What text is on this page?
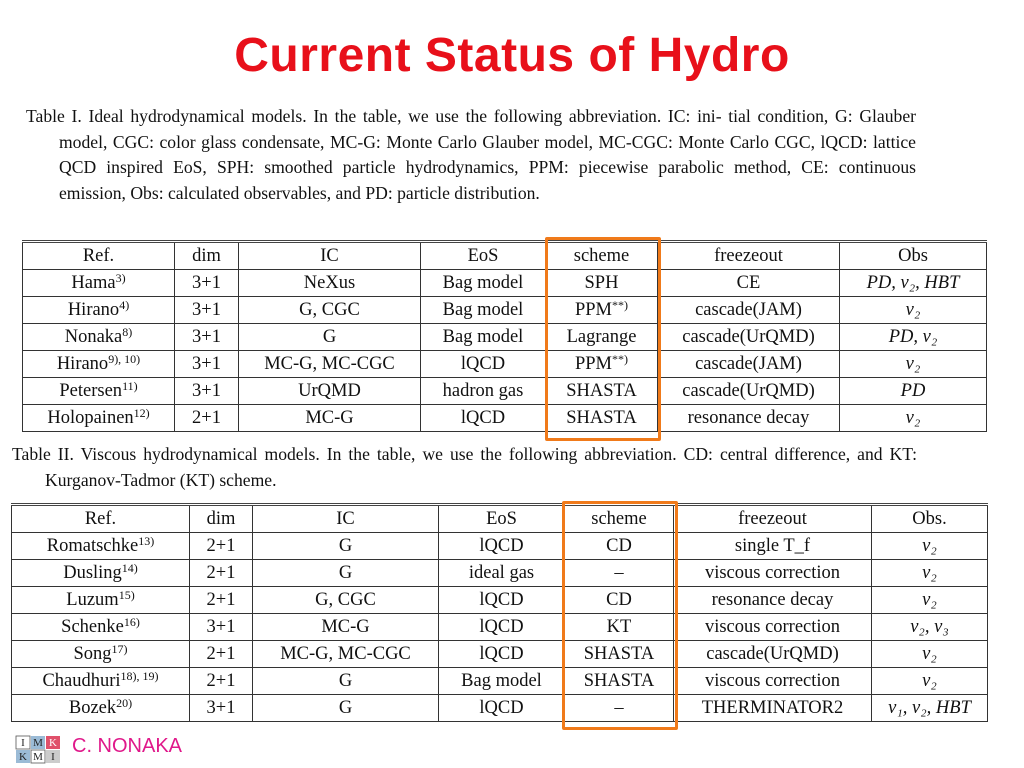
Current Status of Hydro

Table I. Ideal hydrodynamical models. In the table, we use the following abbreviation. IC: ini- tial condition, G: Glauber model, CGC: color glass condensate, MC-G: Monte Carlo Glauber model, MC-CGC: Monte Carlo CGC, lQCD: lattice QCD inspired EoS, SPH: smoothed particle hydrodynamics, PPM: piecewise parabolic method, CE: continuous emission, Obs: calculated observables, and PD: particle distribution.

Ref.	dim	IC	EoS	scheme	freezeout	Obs
Hama$^{3)}$	3+1	NeXus	Bag model	SPH	CE	PD, v₂, HBT
Hirano$^{4)}$	3+1	G, CGC	Bag model	PPM**)	cascade(JAM)	v₂
Nonaka$^{8)}$	3+1	G	Bag model	Lagrange	cascade(UrQMD)	PD, v₂
Hirano$^{9), 10)}$	3+1	MC-G, MC-CGC	lQCD	PPM**)	cascade(JAM)	v₂
Petersen$^{11)}$	3+1	UrQMD	hadron gas	SHASTA	cascade(UrQMD)	PD
Holopainen$^{12)}$	2+1	MC-G	lQCD	SHASTA	resonance decay	v₂

Table II. Viscous hydrodynamical models. In the table, we use the following abbreviation. CD: central difference, and KT: Kurganov-Tadmor (KT) scheme.

Ref.	dim	IC	EoS	scheme	freezeout	Obs.
Romatschke$^{13)}$	2+1	G	lQCD	CD	single T_f	v₂
Dusling$^{14)}$	2+1	G	ideal gas	–	viscous correction	v₂
Luzum$^{15)}$	2+1	G, CGC	lQCD	CD	resonance decay	v₂
Schenke$^{16)}$	3+1	MC-G	lQCD	KT	viscous correction	v₂, v₃
Song$^{17)}$	2+1	MC-G, MC-CGC	lQCD	SHASTA	cascade(UrQMD)	v₂
Chaudhuri$^{18), 19)}$	2+1	G	Bag model	SHASTA	viscous correction	v₂
Bozek$^{20)}$	3+1	G	lQCD	–	THERMINATOR2	v₁, v₂, HBT
I M K
K M I C. NONAKA
